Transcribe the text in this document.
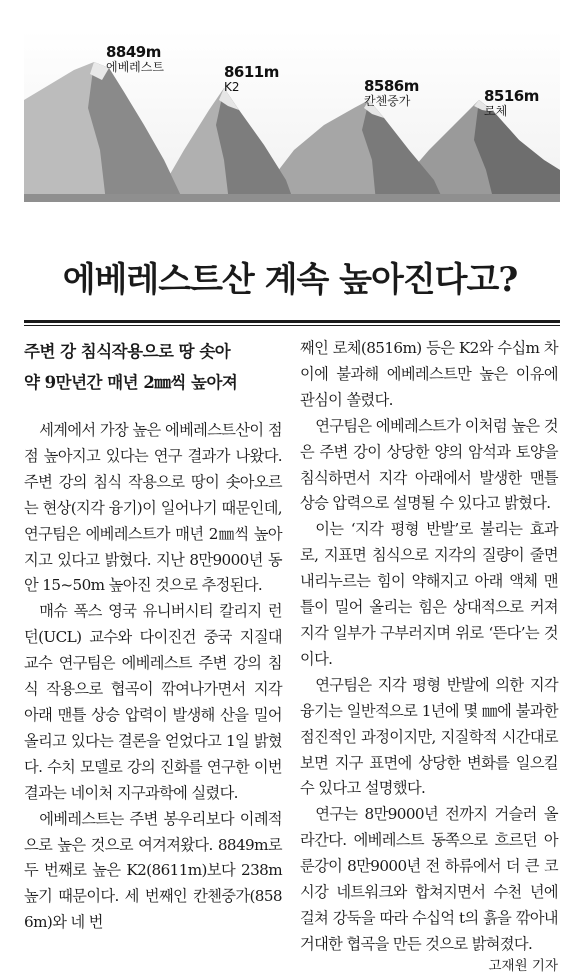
8849m
에베레스트	8611m
K2	8586m
칸첸중가	8516m
로체
에베레스트산 계속 높아진다고?
주변 강 침식작용으로 땅 솟아
약 9만년간 매년 2㎜씩 높아져

세계에서 가장 높은 에베레스트산이 점점 높아지고 있다는 연구 결과가 나왔다. 주변 강의 침식 작용으로 땅이 솟아오르는 현상(지각 융기)이 일어나기 때문인데, 연구팀은 에베레스트가 매년 2㎜씩 높아지고 있다고 밝혔다. 지난 8만9000년 동안 15~50m 높아진 것으로 추정된다.

매슈 폭스 영국 유니버시티 칼리지 런던(UCL) 교수와 다이진건 중국 지질대 교수 연구팀은 에베레스트 주변 강의 침식 작용으로 협곡이 깎여나가면서 지각 아래 맨틀 상승 압력이 발생해 산을 밀어 올리고 있다는 결론을 얻었다고 1일 밝혔다. 수치 모델로 강의 진화를 연구한 이번 결과는 네이처 지구과학에 실렸다.

에베레스트는 주변 봉우리보다 이례적으로 높은 것으로 여겨져왔다. 8849m로 두 번째로 높은 K2(8611m)보다 238m 높기 때문이다. 세 번째인 칸첸중가(8586m)와 네 번

째인 로체(8516m) 등은 K2와 수십m 차이에 불과해 에베레스트만 높은 이유에 관심이 쏠렸다.

연구팀은 에베레스트가 이처럼 높은 것은 주변 강이 상당한 양의 암석과 토양을 침식하면서 지각 아래에서 발생한 맨틀 상승 압력으로 설명될 수 있다고 밝혔다.

이는 ‘지각 평형 반발’로 불리는 효과로, 지표면 침식으로 지각의 질량이 줄면 내리누르는 힘이 약해지고 아래 액체 맨틀이 밀어 올리는 힘은 상대적으로 커져 지각 일부가 구부러지며 위로 ‘뜬다’는 것이다.

연구팀은 지각 평형 반발에 의한 지각 융기는 일반적으로 1년에 몇 ㎜에 불과한 점진적인 과정이지만, 지질학적 시간대로 보면 지구 표면에 상당한 변화를 일으킬 수 있다고 설명했다.

연구는 8만9000년 전까지 거슬러 올라간다. 에베레스트 동쪽으로 흐르던 아룬강이 8만9000년 전 하류에서 더 큰 코시강 네트워크와 합쳐지면서 수천 년에 걸쳐 강둑을 따라 수십억 t의 흙을 깎아내 거대한 협곡을 만든 것으로 밝혀졌다.

고재원 기자
